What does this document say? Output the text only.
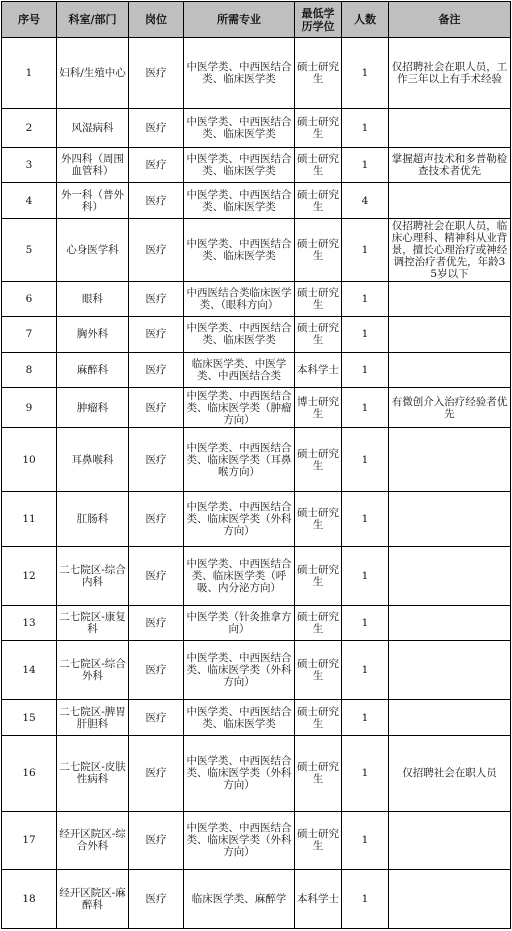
序号	科室/部门	岗位	所需专业	最低学历学位	人数	备注
1	妇科/生殖中心	医疗	中医学类、中西医结合类、临床医学类	硕士研究生	1	仅招聘社会在职人员，工作三年以上有手术经验
2	风湿病科	医疗	中医学类、中西医结合类、临床医学类	硕士研究生	1	
3	外四科（周围血管科）	医疗	中医学类、中西医结合类、临床医学类	硕士研究生	1	掌握超声技术和多普勒检查技术者优先
4	外一科（普外科）	医疗	中医学类、中西医结合类、临床医学类	硕士研究生	4	
5	心身医学科	医疗	中医学类、中西医结合类、临床医学类	硕士研究生	1	仅招聘社会在职人员，临床心理科、精神科从业背景，擅长心理治疗或神经调控治疗者优先，年龄35岁以下
6	眼科	医疗	中西医结合类临床医学类、（眼科方向）	硕士研究生	1	
7	胸外科	医疗	中医学类、中西医结合类、临床医学类	硕士研究生	1	
8	麻醉科	医疗	临床医学类、中医学类、中西医结合类	本科学士	1	
9	肿瘤科	医疗	中医学类、中西医结合类、临床医学类（肿瘤方向）	博士研究生	1	有微创介入治疗经验者优先
10	耳鼻喉科	医疗	中医学类、中西医结合类、临床医学类（耳鼻喉方向）	硕士研究生	1	
11	肛肠科	医疗	中医学类、中西医结合类、临床医学类（外科方向）	硕士研究生	1	
12	二七院区-综合内科	医疗	中医学类、中西医结合类、临床医学类（呼吸、内分泌方向）	硕士研究生	1	
13	二七院区-康复科	医疗	中医学类（针灸推拿方向）	硕士研究生	1	
14	二七院区-综合外科	医疗	中医学类、中西医结合类、临床医学类（外科方向）	硕士研究生	1	
15	二七院区-脾胃肝胆科	医疗	中医学类、中西医结合类、临床医学类	硕士研究生	1	
16	二七院区-皮肤性病科	医疗	中医学类、中西医结合类、临床医学类（外科方向）	硕士研究生	1	仅招聘社会在职人员
17	经开区院区-综合外科	医疗	中医学类、中西医结合类、临床医学类（外科方向）	硕士研究生	1	
18	经开区院区-麻醉科	医疗	临床医学类、麻醉学	本科学士	1	
